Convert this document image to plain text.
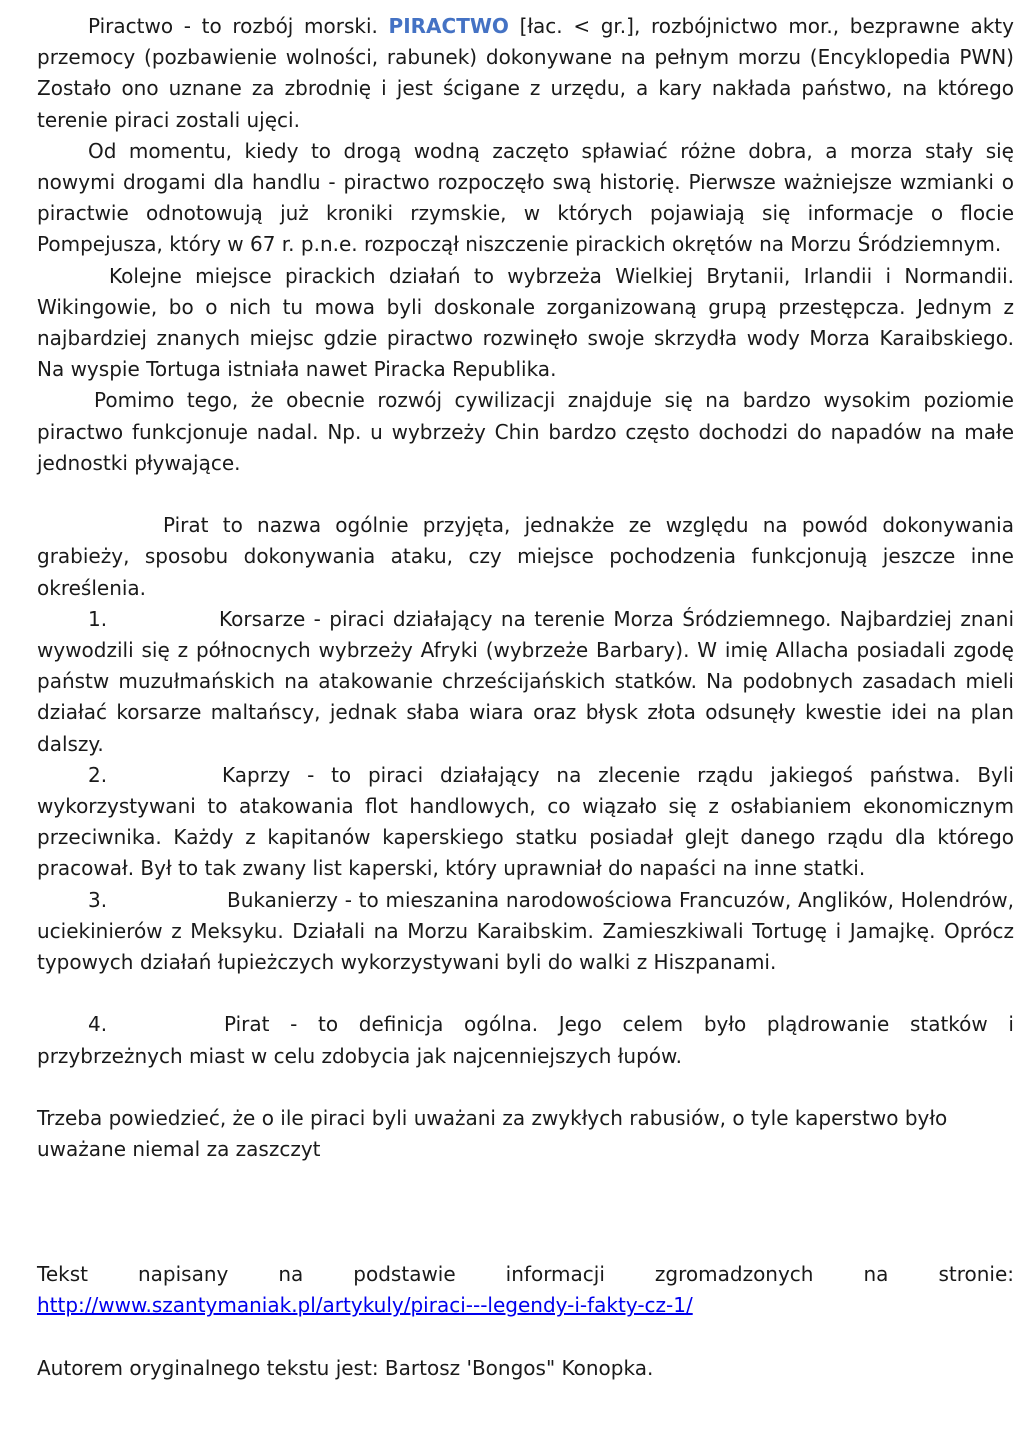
Piractwo - to rozbój morski. PIRACTWO [łac. < gr.], rozbójnictwo mor., bezprawne akty przemocy (pozbawienie wolności, rabunek) dokonywane na pełnym morzu (Encyklopedia PWN) Zostało ono uznane za zbrodnię i jest ścigane z urzędu, a kary nakłada państwo, na którego terenie piraci zostali ujęci.

Od momentu, kiedy to drogą wodną zaczęto spławiać różne dobra, a morza stały się nowymi drogami dla handlu - piractwo rozpoczęło swą historię. Pierwsze ważniejsze wzmianki o piractwie odnotowują już kroniki rzymskie, w których pojawiają się informacje o flocie Pompejusza, który w 67 r. p.n.e. rozpoczął niszczenie pirackich okrętów na Morzu Śródziemnym.

Kolejne miejsce pirackich działań to wybrzeża Wielkiej Brytanii, Irlandii i Normandii. Wikingowie, bo o nich tu mowa byli doskonale zorganizowaną grupą przestępcza. Jednym z najbardziej znanych miejsc gdzie piractwo rozwinęło swoje skrzydła wody Morza Karaibskiego. Na wyspie Tortuga istniała nawet Piracka Republika.

Pomimo tego, że obecnie rozwój cywilizacji znajduje się na bardzo wysokim poziomie piractwo funkcjonuje nadal. Np. u wybrzeży Chin bardzo często dochodzi do napadów na małe jednostki pływające.

Pirat to nazwa ogólnie przyjęta, jednakże ze względu na powód dokonywania grabieży, sposobu dokonywania ataku, czy miejsce pochodzenia funkcjonują jeszcze inne określenia.

1.	Korsarze - piraci działający na terenie Morza Śródziemnego. Najbardziej znani wywodzili się z północnych wybrzeży Afryki (wybrzeże Barbary). W imię Allacha posiadali zgodę państw muzułmańskich na atakowanie chrześcijańskich statków. Na podobnych zasadach mieli działać korsarze maltańscy, jednak słaba wiara oraz błysk złota odsunęły kwestie idei na plan dalszy.

2.	Kaprzy - to piraci działający na zlecenie rządu jakiegoś państwa. Byli wykorzystywani to atakowania flot handlowych, co wiązało się z osłabianiem ekonomicznym przeciwnika. Każdy z kapitanów kaperskiego statku posiadał glejt danego rządu dla którego pracował. Był to tak zwany list kaperski, który uprawniał do napaści na inne statki.

3.	Bukanierzy - to mieszanina narodowościowa Francuzów, Anglików, Holendrów, uciekinierów z Meksyku. Działali na Morzu Karaibskim. Zamieszkiwali Tortugę i Jamajkę. Oprócz typowych działań łupieżczych wykorzystywani byli do walki z Hiszpanami.

4.	Pirat - to definicja ogólna. Jego celem było plądrowanie statków i przybrzeżnych miast w celu zdobycia jak najcenniejszych łupów.

Trzeba powiedzieć, że o ile piraci byli uważani za zwykłych rabusiów, o tyle kaperstwo było uważane niemal za zaszczyt

Tekst napisany na podstawie informacji zgromadzonych na stronie:

http://www.szantymaniak.pl/artykuly/piraci---legendy-i-fakty-cz-1/

Autorem oryginalnego tekstu jest: Bartosz 'Bongos" Konopka.
